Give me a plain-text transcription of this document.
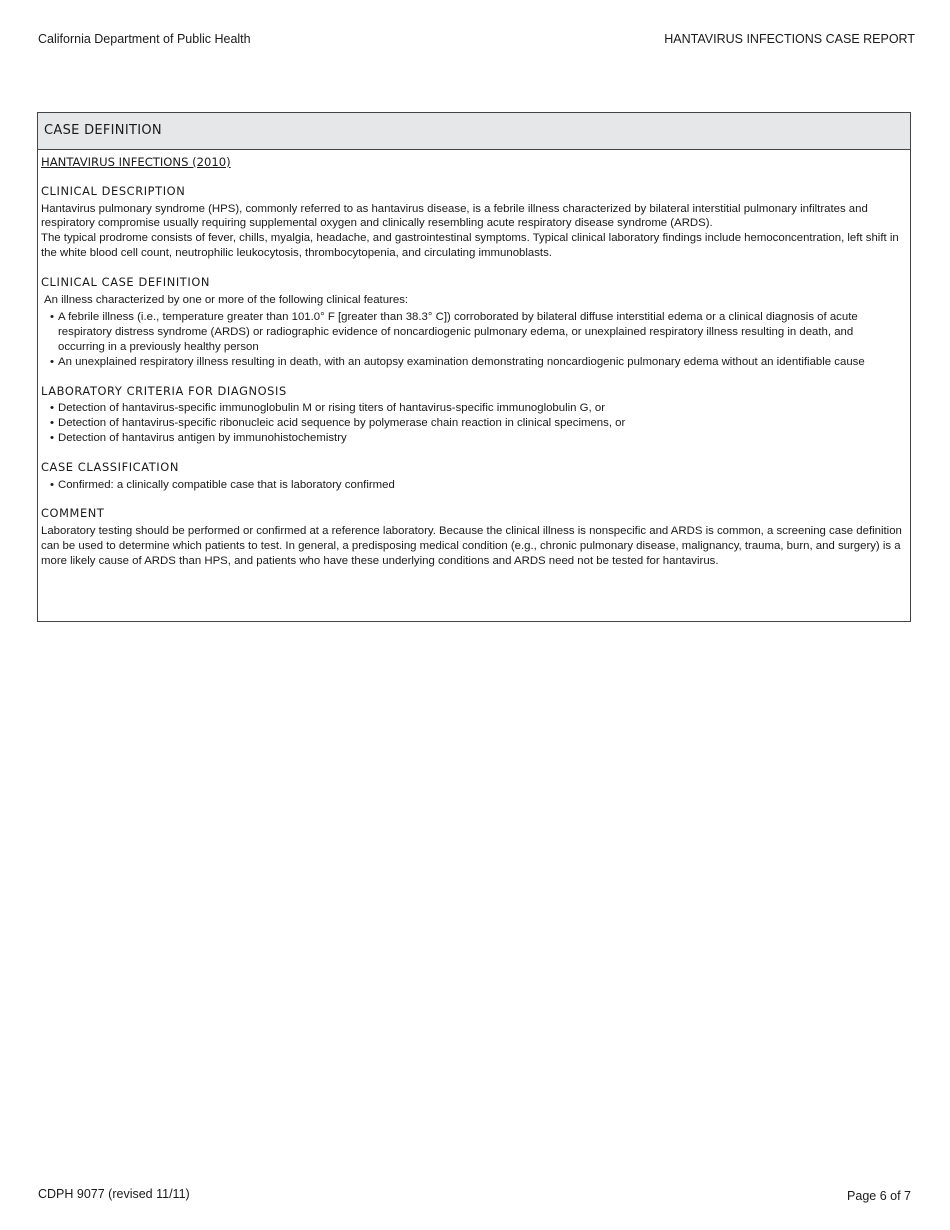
California Department of Public Health	HANTAVIRUS INFECTIONS CASE REPORT
CASE DEFINITION
HANTAVIRUS INFECTIONS (2010)
CLINICAL DESCRIPTION

Hantavirus pulmonary syndrome (HPS), commonly referred to as hantavirus disease, is a febrile illness characterized by bilateral interstitial pulmonary infiltrates and respiratory compromise usually requiring supplemental oxygen and clinically resembling acute respiratory disease syndrome (ARDS).

The typical prodrome consists of fever, chills, myalgia, headache, and gastrointestinal symptoms. Typical clinical laboratory findings include hemoconcentration, left shift in the white blood cell count, neutrophilic leukocytosis, thrombocytopenia, and circulating immunoblasts.

CLINICAL CASE DEFINITION

An illness characterized by one or more of the following clinical features:

• A febrile illness (i.e., temperature greater than 101.0° F [greater than 38.3° C]) corroborated by bilateral diffuse interstitial edema or a clinical diagnosis of acute respiratory distress syndrome (ARDS) or radiographic evidence of noncardiogenic pulmonary edema, or unexplained respiratory illness resulting in death, and occurring in a previously healthy person
• An unexplained respiratory illness resulting in death, with an autopsy examination demonstrating noncardiogenic pulmonary edema without an identifiable cause
LABORATORY CRITERIA FOR DIAGNOSIS
• Detection of hantavirus-specific immunoglobulin M or rising titers of hantavirus-specific immunoglobulin G, or
• Detection of hantavirus-specific ribonucleic acid sequence by polymerase chain reaction in clinical specimens, or
• Detection of hantavirus antigen by immunohistochemistry
CASE CLASSIFICATION
• Confirmed: a clinically compatible case that is laboratory confirmed
COMMENT

Laboratory testing should be performed or confirmed at a reference laboratory. Because the clinical illness is nonspecific and ARDS is common, a screening case definition can be used to determine which patients to test. In general, a predisposing medical condition (e.g., chronic pulmonary disease, malignancy, trauma, burn, and surgery) is a more likely cause of ARDS than HPS, and patients who have these underlying conditions and ARDS need not be tested for hantavirus.

CDPH 9077 (revised 11/11)	Page 6 of 7
